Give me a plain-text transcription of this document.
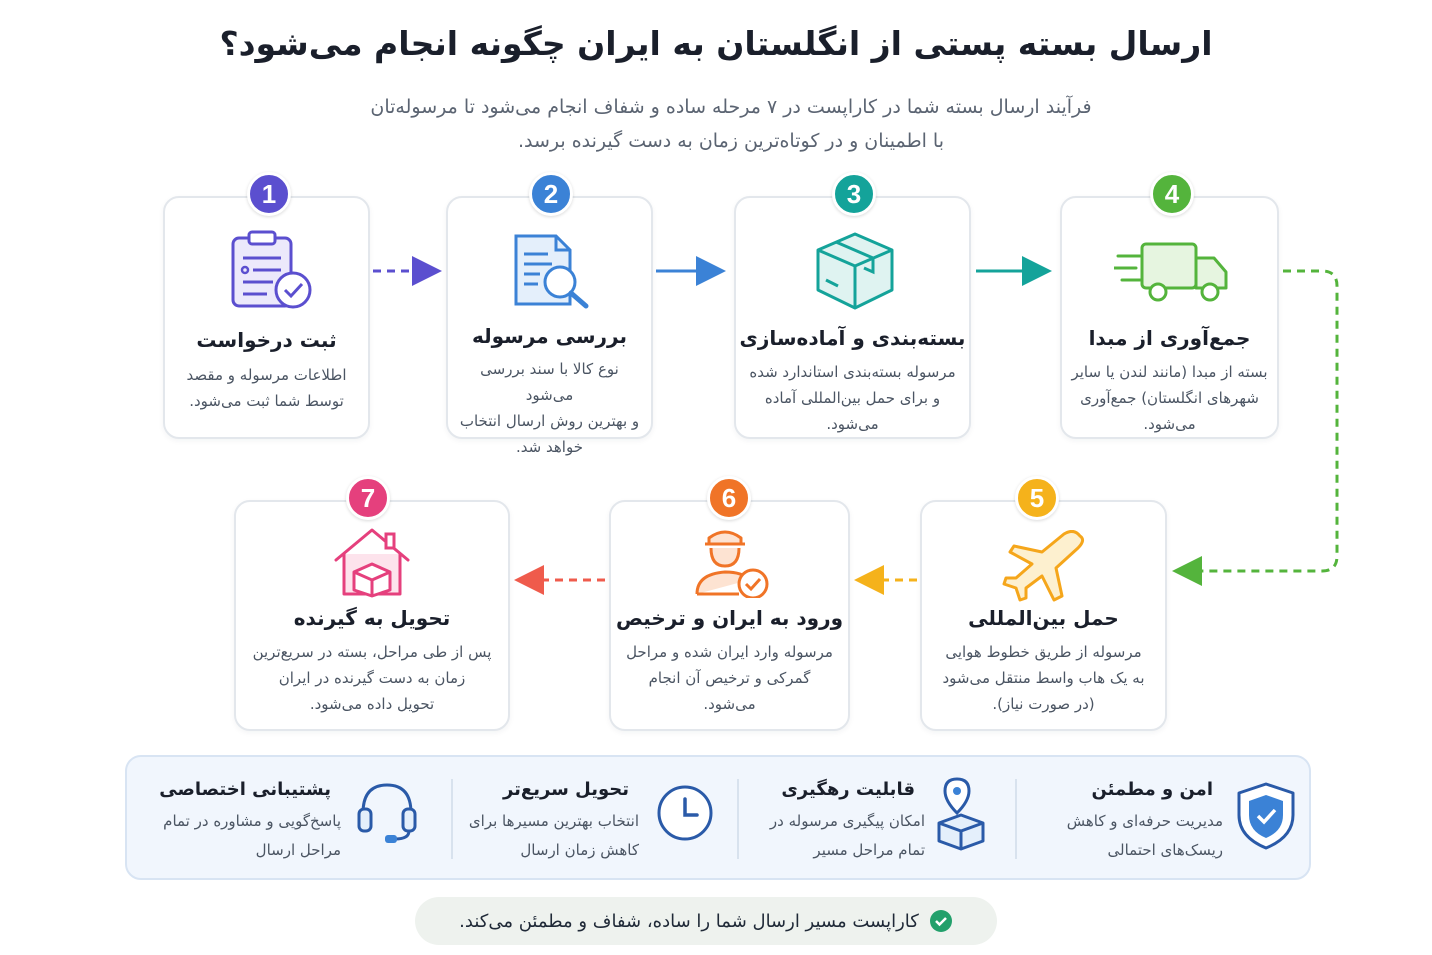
ارسال بسته پستی از انگلستان به ایران چگونه انجام می‌شود؟
فرآیند ارسال بسته شما در کاراپست در ۷ مرحله ساده و شفاف انجام می‌شود تا مرسوله‌تان
با اطمینان و در کوتاه‌ترین زمان به دست گیرنده برسد.
ثبت درخواست
اطلاعات مرسوله و مقصد
توسط شما ثبت می‌شود.
1
بررسی مرسوله
نوع کالا با سند بررسی می‌شود
و بهترین روش ارسال انتخاب
خواهد شد.
2
بسته‌بندی و آماده‌سازی
مرسوله بسته‌بندی استاندارد شده
و برای حمل بین‌المللی آماده
می‌شود.
3
جمع‌آوری از مبدا
بسته از مبدا (مانند لندن یا سایر
شهرهای انگلستان) جمع‌آوری
می‌شود.
4
حمل بین‌المللی
مرسوله از طریق خطوط هوایی
به یک هاب واسط منتقل می‌شود
(در صورت نیاز).
5
ورود به ایران و ترخیص
مرسوله وارد ایران شده و مراحل
گمرکی و ترخیص آن انجام
می‌شود.
6
تحویل به گیرنده
پس از طی مراحل، بسته در سریع‌ترین
زمان به دست گیرنده در ایران
تحویل داده می‌شود.
7
امن و مطمئن
مدیریت حرفه‌ای و کاهش
ریسک‌های احتمالی
قابلیت رهگیری
امکان پیگیری مرسوله در
تمام مراحل مسیر
تحویل سریع‌تر
انتخاب بهترین مسیرها برای
کاهش زمان ارسال
پشتیبانی اختصاصی
پاسخ‌گویی و مشاوره در تمام
مراحل ارسال
کاراپست مسیر ارسال شما را ساده، شفاف و مطمئن می‌کند.
